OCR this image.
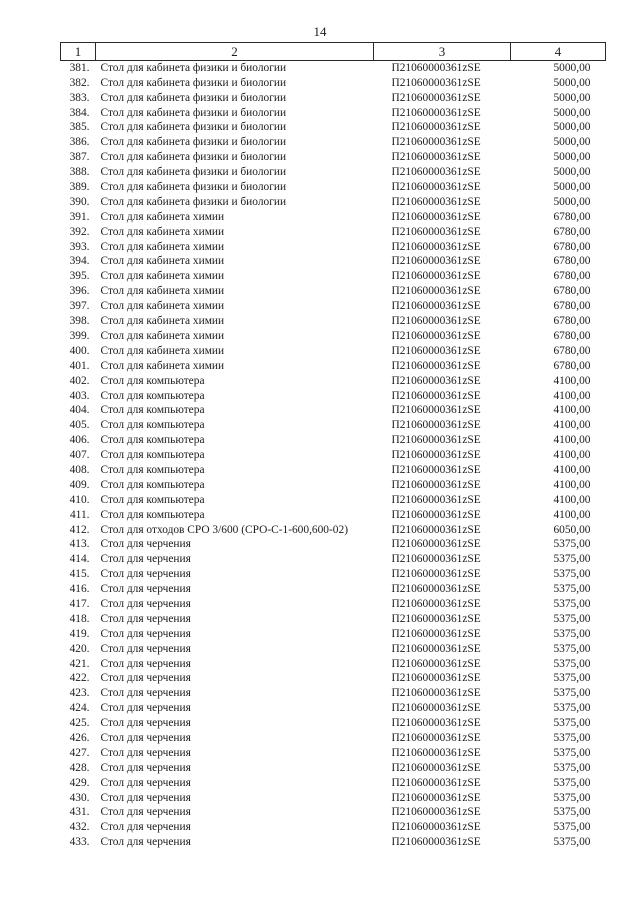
14
1	2	3	4
381.	Стол для кабинета физики и биологии	П21060000361zSE	5000,00
382.	Стол для кабинета физики и биологии	П21060000361zSE	5000,00
383.	Стол для кабинета физики и биологии	П21060000361zSE	5000,00
384.	Стол для кабинета физики и биологии	П21060000361zSE	5000,00
385.	Стол для кабинета физики и биологии	П21060000361zSE	5000,00
386.	Стол для кабинета физики и биологии	П21060000361zSE	5000,00
387.	Стол для кабинета физики и биологии	П21060000361zSE	5000,00
388.	Стол для кабинета физики и биологии	П21060000361zSE	5000,00
389.	Стол для кабинета физики и биологии	П21060000361zSE	5000,00
390.	Стол для кабинета физики и биологии	П21060000361zSE	5000,00
391.	Стол для кабинета химии	П21060000361zSE	6780,00
392.	Стол для кабинета химии	П21060000361zSE	6780,00
393.	Стол для кабинета химии	П21060000361zSE	6780,00
394.	Стол для кабинета химии	П21060000361zSE	6780,00
395.	Стол для кабинета химии	П21060000361zSE	6780,00
396.	Стол для кабинета химии	П21060000361zSE	6780,00
397.	Стол для кабинета химии	П21060000361zSE	6780,00
398.	Стол для кабинета химии	П21060000361zSE	6780,00
399.	Стол для кабинета химии	П21060000361zSE	6780,00
400.	Стол для кабинета химии	П21060000361zSE	6780,00
401.	Стол для кабинета химии	П21060000361zSE	6780,00
402.	Стол для компьютера	П21060000361zSE	4100,00
403.	Стол для компьютера	П21060000361zSE	4100,00
404.	Стол для компьютера	П21060000361zSE	4100,00
405.	Стол для компьютера	П21060000361zSE	4100,00
406.	Стол для компьютера	П21060000361zSE	4100,00
407.	Стол для компьютера	П21060000361zSE	4100,00
408.	Стол для компьютера	П21060000361zSE	4100,00
409.	Стол для компьютера	П21060000361zSE	4100,00
410.	Стол для компьютера	П21060000361zSE	4100,00
411.	Стол для компьютера	П21060000361zSE	4100,00
412.	Стол для отходов СРО 3/600 (СРО-С-1-600,600-02)	П21060000361zSE	6050,00
413.	Стол для черчения	П21060000361zSE	5375,00
414.	Стол для черчения	П21060000361zSE	5375,00
415.	Стол для черчения	П21060000361zSE	5375,00
416.	Стол для черчения	П21060000361zSE	5375,00
417.	Стол для черчения	П21060000361zSE	5375,00
418.	Стол для черчения	П21060000361zSE	5375,00
419.	Стол для черчения	П21060000361zSE	5375,00
420.	Стол для черчения	П21060000361zSE	5375,00
421.	Стол для черчения	П21060000361zSE	5375,00
422.	Стол для черчения	П21060000361zSE	5375,00
423.	Стол для черчения	П21060000361zSE	5375,00
424.	Стол для черчения	П21060000361zSE	5375,00
425.	Стол для черчения	П21060000361zSE	5375,00
426.	Стол для черчения	П21060000361zSE	5375,00
427.	Стол для черчения	П21060000361zSE	5375,00
428.	Стол для черчения	П21060000361zSE	5375,00
429.	Стол для черчения	П21060000361zSE	5375,00
430.	Стол для черчения	П21060000361zSE	5375,00
431.	Стол для черчения	П21060000361zSE	5375,00
432.	Стол для черчения	П21060000361zSE	5375,00
433.	Стол для черчения	П21060000361zSE	5375,00
